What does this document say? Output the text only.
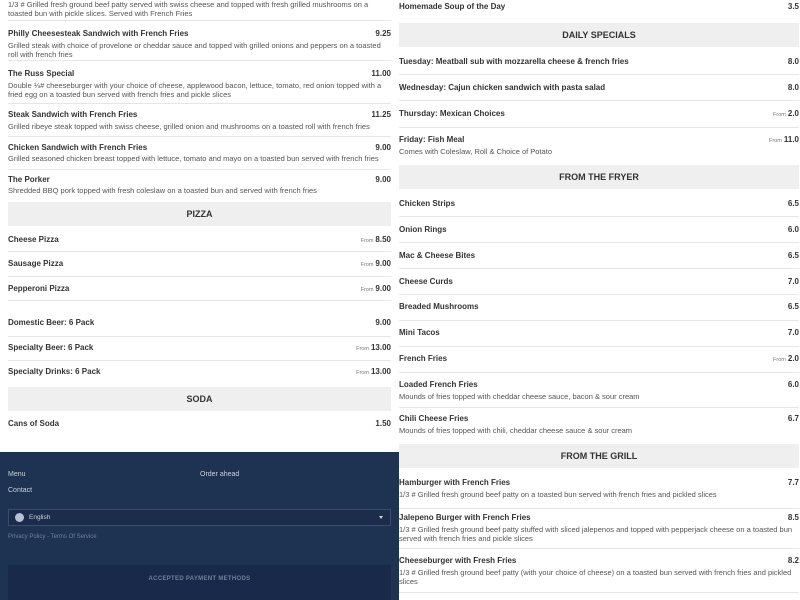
1/3 # Grilled fresh ground beef patty served with swiss cheese and topped with fresh grilled mushrooms on a toasted bun with pickle slices. Served with French Fries
Philly Cheesesteak Sandwich with French Fries	9.25
Grilled steak with choice of provelone or cheddar sauce and topped with grilled onions and peppers on a toasted roll with french fries
The Russ Special	11.00
Double ⅓# cheeseburger with your choice of cheese, applewood bacon, lettuce, tomato, red onion topped with a fried egg on a toasted bun served with french fries and pickle slices
Steak Sandwich with French Fries	11.25
Grilled ribeye steak topped with swiss cheese, grilled onion and mushrooms on a toasted roll with french fries
Chicken Sandwich with French Fries	9.00
Grilled seasoned chicken breast topped with lettuce, tomato and mayo on a toasted bun served with french fries
The Porker	9.00
Shredded BBQ pork topped with fresh coleslaw on a toasted bun and served with french fries
PIZZA
Cheese Pizza	From 8.50
Sausage Pizza	From 9.00
Pepperoni Pizza	From 9.00
Domestic Beer: 6 Pack	9.00
Specialty Beer: 6 Pack	From 13.00
Specialty Drinks: 6 Pack	From 13.00
SODA
Cans of Soda	1.50
Menu	Order ahead
Contact
English
Privacy Policy - Terms Of Service
ACCEPTED PAYMENT METHODS
Homemade Soup of the Day	3.5
DAILY SPECIALS
Tuesday: Meatball sub with mozzarella cheese & french fries	8.0
Wednesday: Cajun chicken sandwich with pasta salad	8.0
Thursday: Mexican Choices	From 2.0
Friday: Fish Meal	From 11.0
Comes with Coleslaw, Roll & Choice of Potato
FROM THE FRYER
Chicken Strips	6.5
Onion Rings	6.0
Mac & Cheese Bites	6.5
Cheese Curds	7.0
Breaded Mushrooms	6.5
Mini Tacos	7.0
French Fries	From 2.0
Loaded French Fries	6.0
Mounds of fries topped with cheddar cheese sauce, bacon & sour cream
Chili Cheese Fries	6.7
Mounds of fries topped with chili, cheddar cheese sauce & sour cream
FROM THE GRILL
Hamburger with French Fries	7.7
1/3 # Grilled fresh ground beef patty on a toasted bun served with french fries and pickled slices
Jalepeno Burger with French Fries	8.5
1/3 # Grilled fresh ground beef patty stuffed with sliced jalepenos and topped with pepperjack cheese on a toasted bun served with french fries and pickle slices
Cheeseburger with Fresh Fries	8.2
1/3 # Grilled fresh ground beef patty (with your choice of cheese) on a toasted bun served with french fries and pickled slices
